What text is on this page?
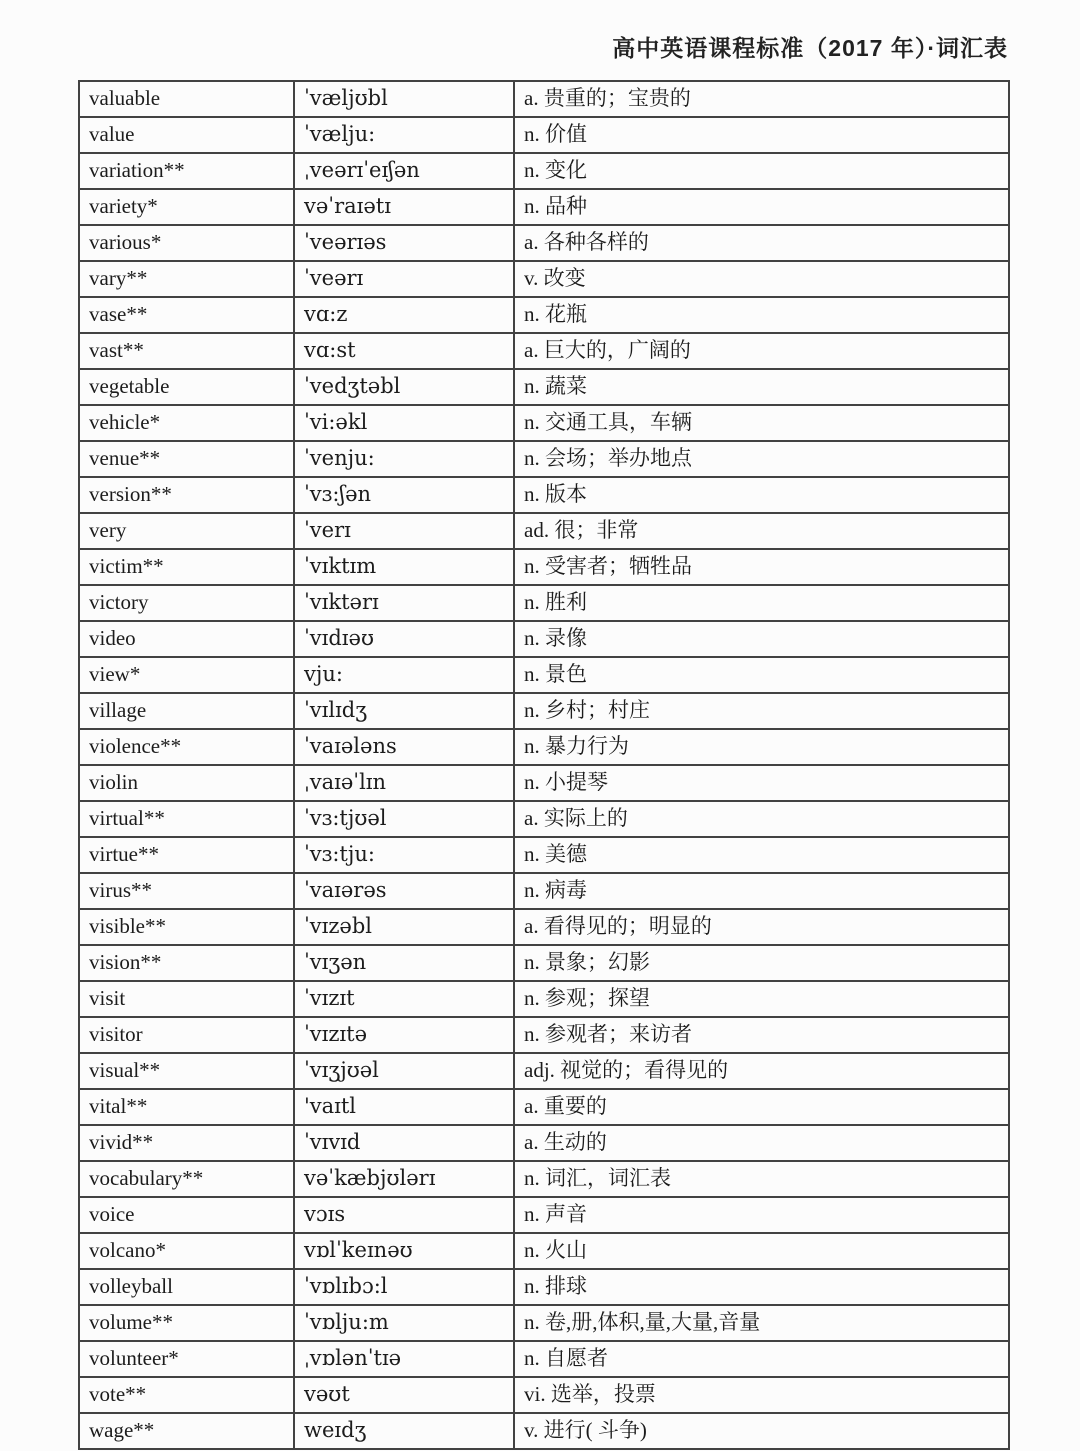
高中英语课程标准（2017 年）·词汇表
valuable	ˈvæljʊbl	a. 贵重的；宝贵的
value	ˈvælju:	n. 价值
variation**	ˌveərɪˈeɪʃən	n. 变化
variety*	vəˈraɪətɪ	n. 品种
various*	ˈveərɪəs	a. 各种各样的
vary**	ˈveərɪ	v. 改变
vase**	vɑ:z	n. 花瓶
vast**	vɑ:st	a. 巨大的，广阔的
vegetable	ˈvedʒtəbl	n. 蔬菜
vehicle*	ˈvi:əkl	n. 交通工具，车辆
venue**	ˈvenju:	n. 会场；举办地点
version**	ˈvɜ:ʃən	n. 版本
very	ˈverɪ	ad. 很；非常
victim**	ˈvɪktɪm	n. 受害者；牺牲品
victory	ˈvɪktərɪ	n. 胜利
video	ˈvɪdɪəʊ	n. 录像
view*	vju:	n. 景色
village	ˈvɪlɪdʒ	n. 乡村；村庄
violence**	ˈvaɪələns	n. 暴力行为
violin	ˌvaɪəˈlɪn	n. 小提琴
virtual**	ˈvɜ:tjʊəl	a. 实际上的
virtue**	ˈvɜ:tju:	n. 美德
virus**	ˈvaɪərəs	n. 病毒
visible**	ˈvɪzəbl	a. 看得见的；明显的
vision**	ˈvɪʒən	n. 景象；幻影
visit	ˈvɪzɪt	n. 参观；探望
visitor	ˈvɪzɪtə	n. 参观者；来访者
visual**	ˈvɪʒjʊəl	adj. 视觉的；看得见的
vital**	'vaɪtl	a. 重要的
vivid**	ˈvɪvɪd	a. 生动的
vocabulary**	vəˈkæbjʊlərɪ	n. 词汇，词汇表
voice	vɔɪs	n. 声音
volcano*	vɒlˈkeɪnəʊ	n. 火山
volleyball	ˈvɒlɪbɔ:l	n. 排球
volume**	ˈvɒlju:m	n. 卷,册,体积,量,大量,音量
volunteer*	ˌvɒlənˈtɪə	n. 自愿者
vote**	vəʊt	vi. 选举，投票
wage**	weɪdʒ	v. 进行( 斗争)
